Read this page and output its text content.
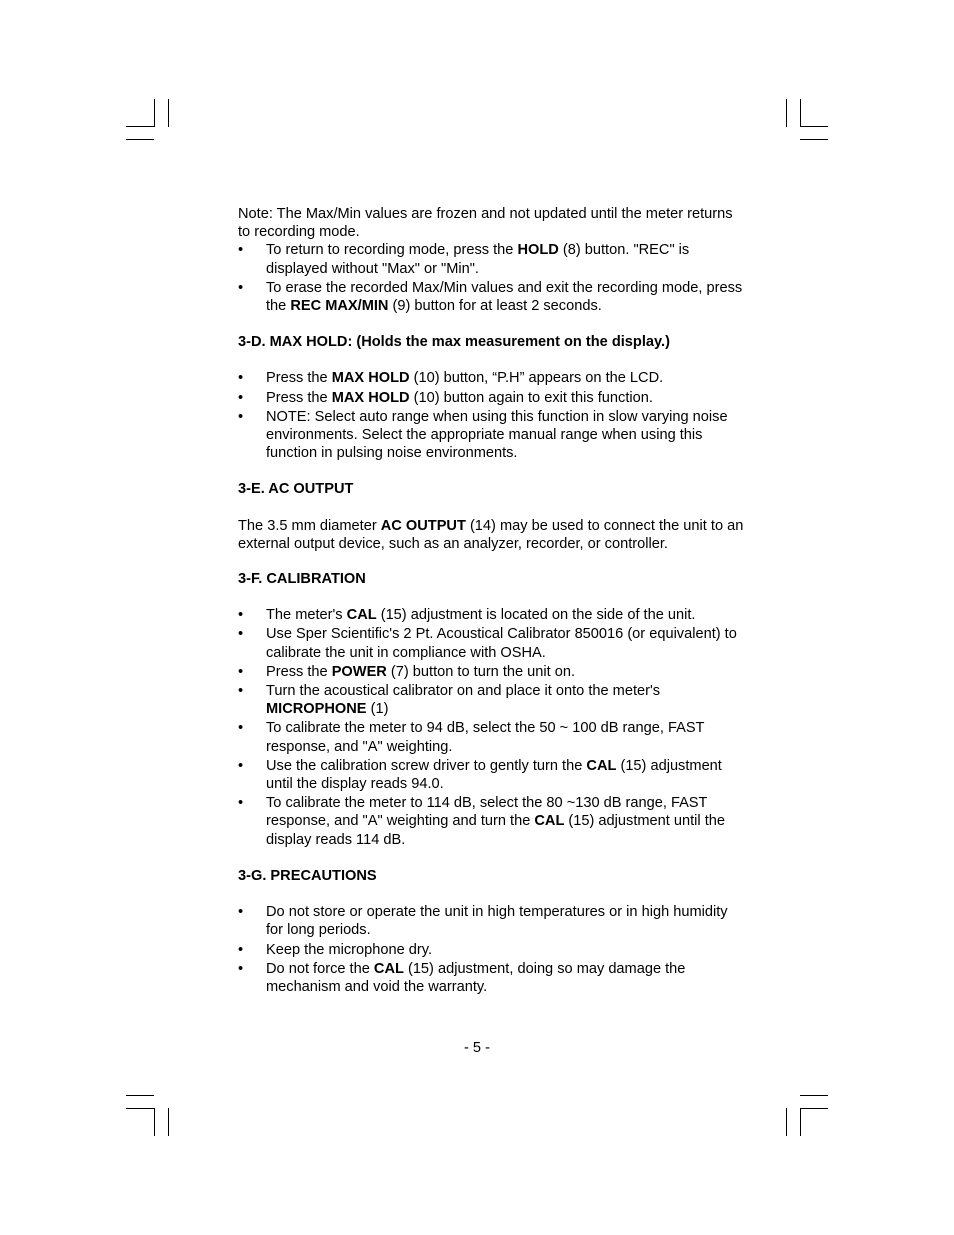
Note: The Max/Min values are frozen and not updated until the meter returns to recording mode.

•	To return to recording mode, press the HOLD (8) button. "REC" is displayed without "Max" or "Min".
•	To erase the recorded Max/Min values and exit the recording mode, press the REC MAX/MIN (9) button for at least 2 seconds.

3-D. MAX HOLD: (Holds the max measurement on the display.)

•	Press the MAX HOLD (10) button, “P.H” appears on the LCD.
•	Press the MAX HOLD (10) button again to exit this function.
•	NOTE: Select auto range when using this function in slow varying noise environments. Select the appropriate manual range when using this function in pulsing noise environments.

3-E. AC OUTPUT

The 3.5 mm diameter AC OUTPUT (14) may be used to connect the unit to an external output device, such as an analyzer, recorder, or controller.

3-F. CALIBRATION

•	The meter's CAL (15) adjustment is located on the side of the unit.
•	Use Sper Scientific's 2 Pt. Acoustical Calibrator 850016 (or equivalent) to calibrate the unit in compliance with OSHA.
•	Press the POWER (7) button to turn the unit on.
•	Turn the acoustical calibrator on and place it onto the meter's MICROPHONE (1)
•	To calibrate the meter to 94 dB, select the 50 ~ 100 dB range, FAST response, and "A" weighting.
•	Use the calibration screw driver to gently turn the CAL (15) adjustment until the display reads 94.0.
•	To calibrate the meter to 114 dB, select the 80 ~130 dB range, FAST response, and "A" weighting and turn the CAL (15) adjustment until the display reads 114 dB.

3-G. PRECAUTIONS

•	Do not store or operate the unit in high temperatures or in high humidity for long periods.
•	Keep the microphone dry.
•	Do not force the CAL (15) adjustment, doing so may damage the mechanism and void the warranty.
- 5 -
